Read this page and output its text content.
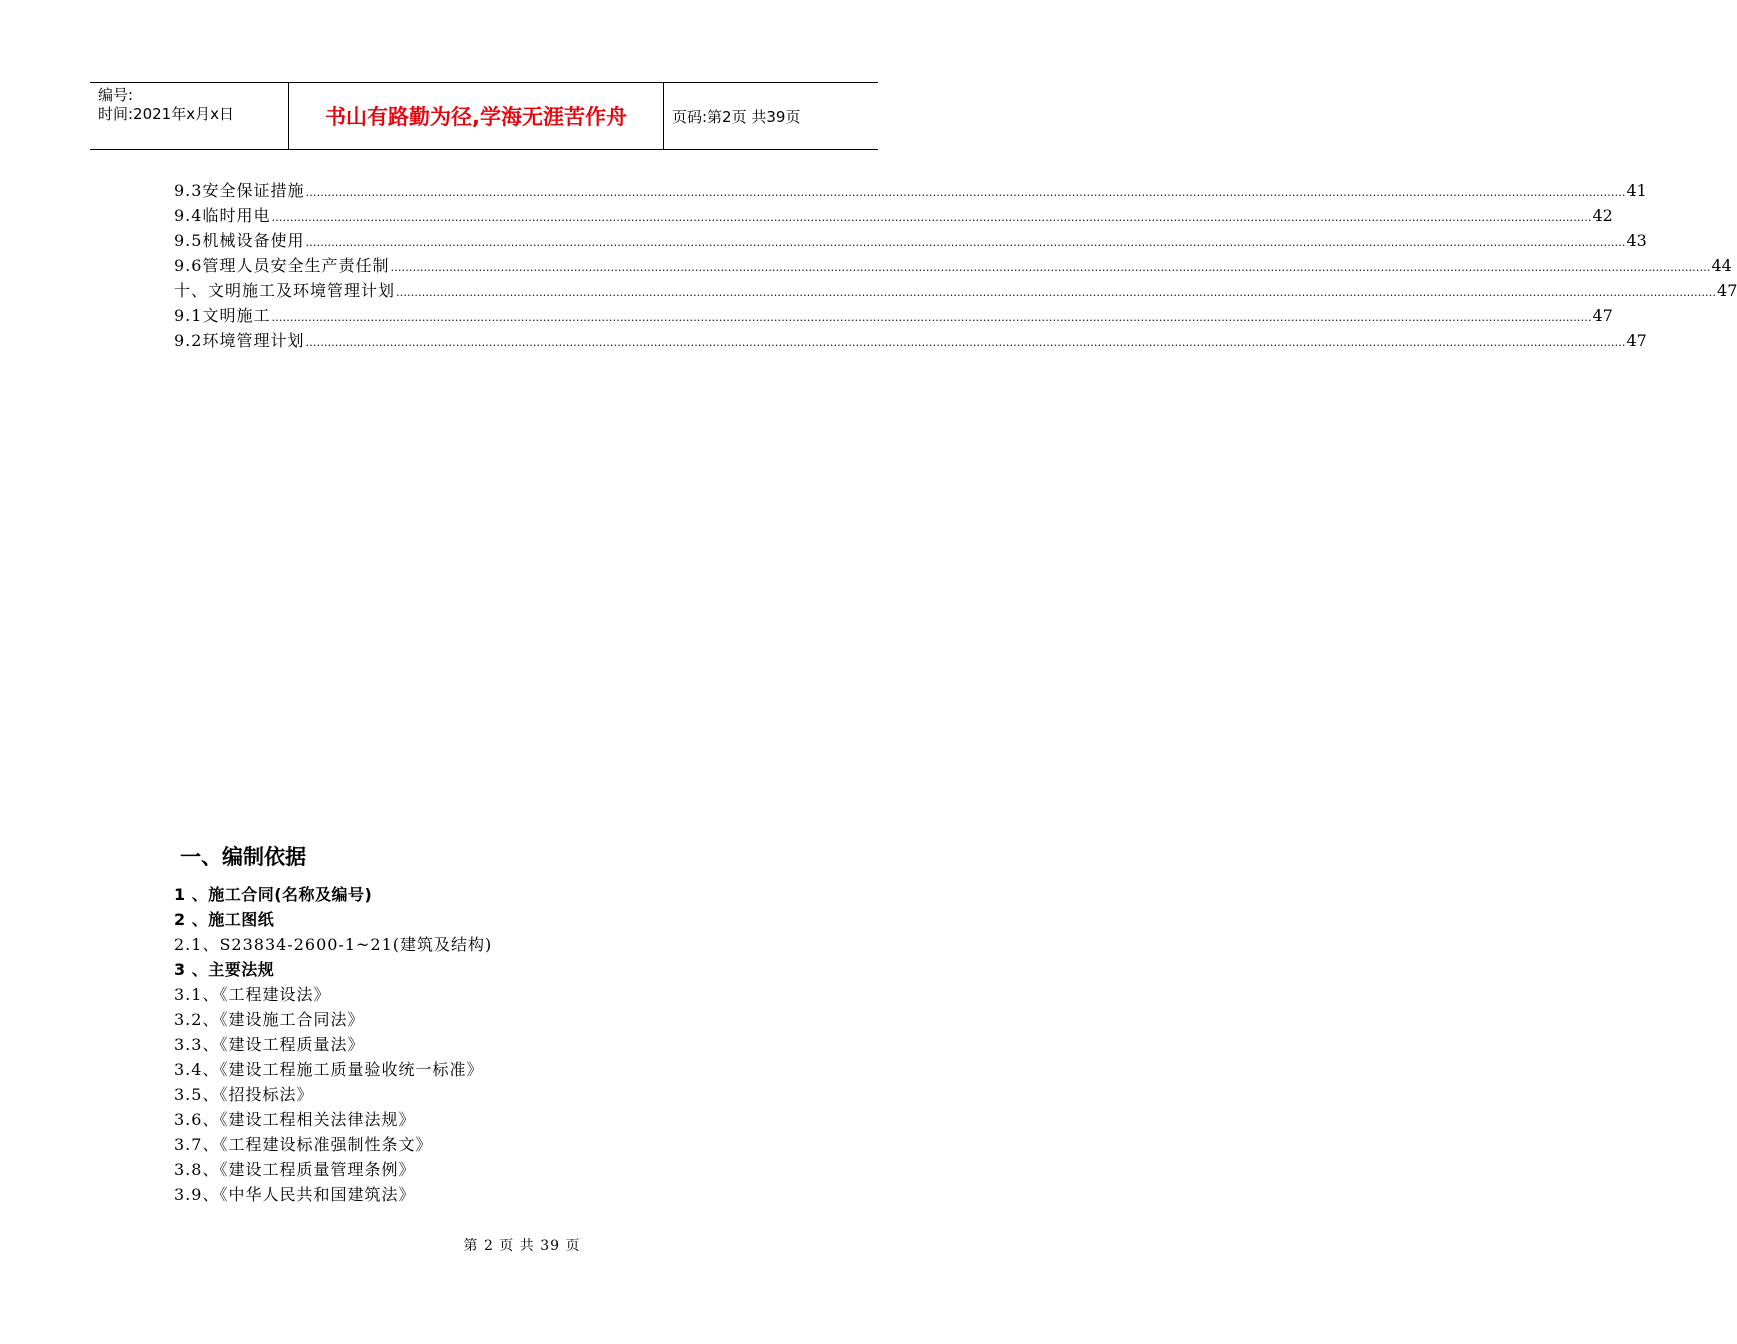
编号:
时间:2021年x月x日	书山有路勤为径,学海无涯苦作舟	页码:第2页 共39页
9.3安全保证措施 ……………………………………………………………………………………………………………………………………………………………………………………………………………………………………………………………………………………………………………………………… 41
9.4临时用电 ……………………………………………………………………………………………………………………………………………………………………………………………………………………………………………………………………………………………………………………………… 42
9.5机械设备使用 ……………………………………………………………………………………………………………………………………………………………………………………………………………………………………………………………………………………………………………………………… 43
9.6管理人员安全生产责任制 ……………………………………………………………………………………………………………………………………………………………………………………………………………………………………………………………………………………………………………………………… 44
十、文明施工及环境管理计划 ……………………………………………………………………………………………………………………………………………………………………………………………………………………………………………………………………………………………………………………………… 47
9.1文明施工 ……………………………………………………………………………………………………………………………………………………………………………………………………………………………………………………………………………………………………………………………… 47
9.2环境管理计划 ……………………………………………………………………………………………………………………………………………………………………………………………………………………………………………………………………………………………………………………………… 47
一、编制依据
1 、施工合同(名称及编号)
2 、施工图纸
2.1、S23834-2600-1~21(建筑及结构)
3 、主要法规
3.1、《工程建设法》
3.2、《建设施工合同法》
3.3、《建设工程质量法》
3.4、《建设工程施工质量验收统一标准》
3.5、《招投标法》
3.6、《建设工程相关法律法规》
3.7、《工程建设标准强制性条文》
3.8、《建设工程质量管理条例》
3.9、《中华人民共和国建筑法》
第 2 页 共 39 页
